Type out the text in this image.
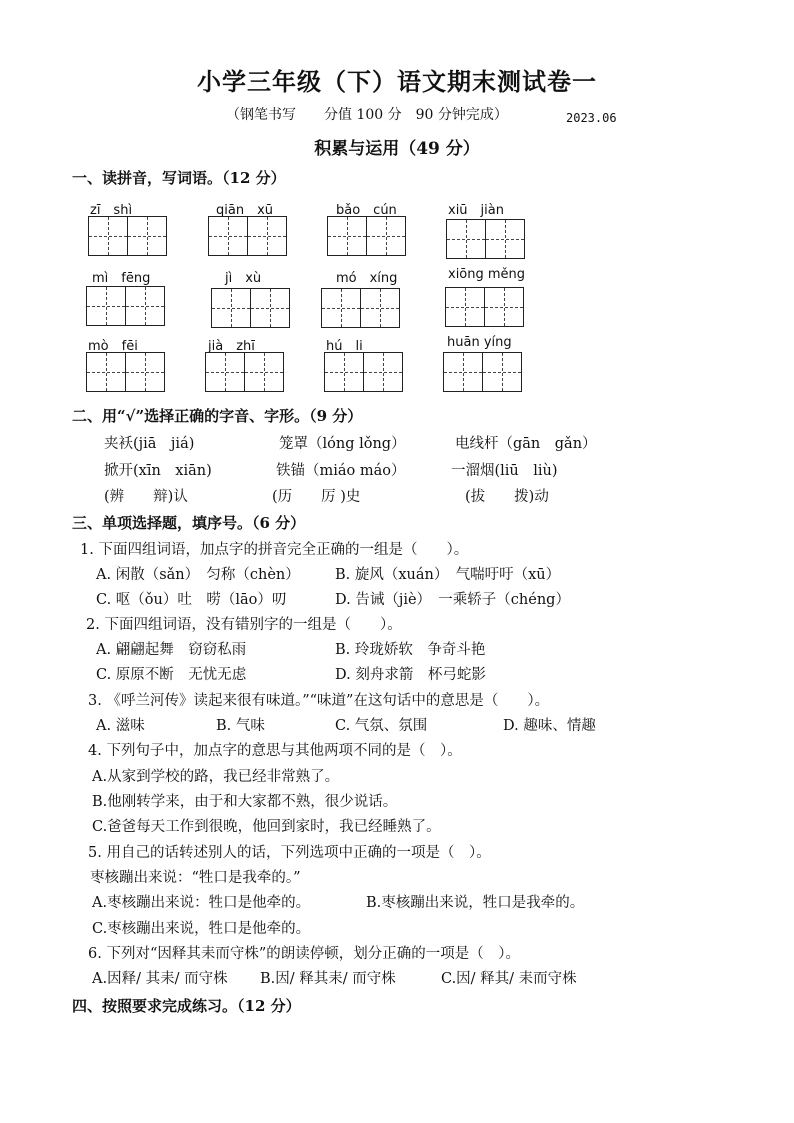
小学三年级（下）语文期末测试卷一
（钢笔书写　　分值 100 分　90 分钟完成）	2023.06
积累与运用（49 分）
一、读拼音，写词语。（12 分）
zī　shì	qiān　xū	bǎo　cún	xiū　jiàn
mì　fēng	jì　xù	mó　xíng	xiōng měng
mò　fēi	jià　zhī	hú　li	huān yíng
二、用“√”选择正确的字音、字形。（9 分）
夹袄(jiā　jiá)	笼罩（lóng lǒng）	电线杆（gān　gǎn）
掀开(xīn　xiān)	铁锚（miáo máo）	一溜烟(liū　liù)
(辨　　辩)认	(历　　厉 )史	(拔　　拨)动
三、单项选择题，填序号。（6 分）
1. 下面四组词语，加点字的拼音完全正确的一组是（　　）。
A. 闲散（sǎn）　匀称（chèn） B. 旋风（xuán）　气喘吁吁（xū）
C. 呕（ǒu）吐　唠（lāo）叨	D. 告诫（jiè）　一乘轿子（chéng）
2. 下面四组词语，没有错别字的一组是（　　）。
A. 翩翩起舞　窃窃私雨	B. 玲珑娇软　争奇斗艳
C. 原原不断　无忧无虑	D. 刻舟求箭　杯弓蛇影
3. 《呼兰河传》读起来很有味道。”“味道”在这句话中的意思是（　　）。
A. 滋味	B. 气味	C. 气氛、氛围	D. 趣味、情趣
4. 下列句子中，加点字的意思与其他两项不同的是（　）。
A.从家到学校的路，我已经非常熟了。
B.他刚转学来，由于和大家都不熟，很少说话。
C.爸爸每天工作到很晚，他回到家时，我已经睡熟了。
5. 用自己的话转述别人的话，下列选项中正确的一项是（　）。
枣核蹦出来说：“牲口是我牵的。”
A.枣核蹦出来说：牲口是他牵的。	B.枣核蹦出来说，牲口是我牵的。
C.枣核蹦出来说，牲口是他牵的。
6. 下列对“因释其耒而守株”的朗读停顿，划分正确的一项是（　）。
A.因释/ 其耒/ 而守株 B.因/ 释其耒/ 而守株	C.因/ 释其/ 耒而守株
四、按照要求完成练习。（12 分）
